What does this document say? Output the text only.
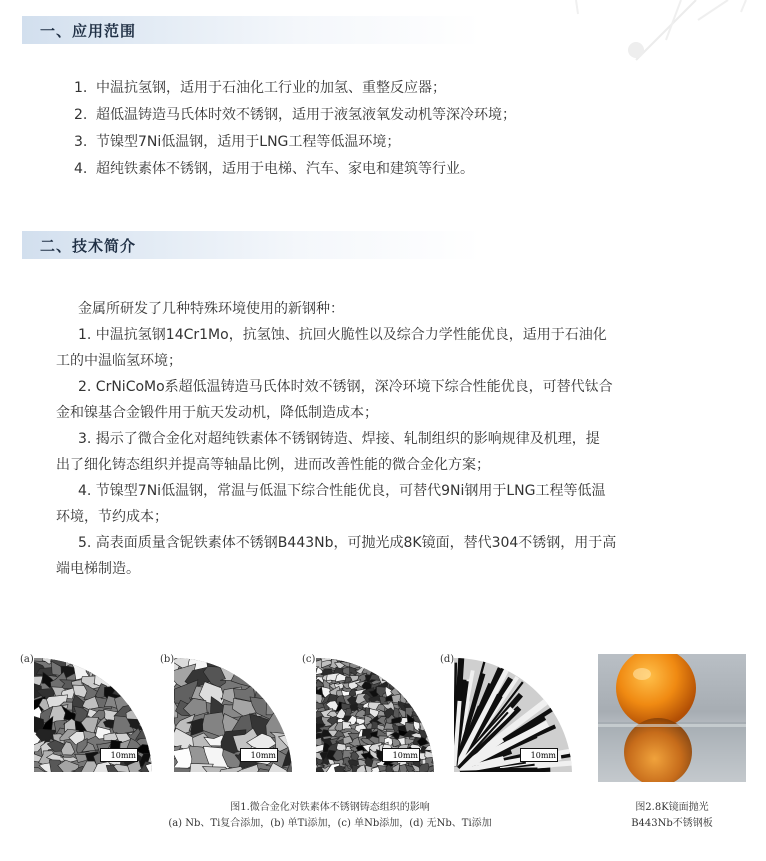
一、应用范围
1. 中温抗氢钢，适用于石油化工行业的加氢、重整反应器；
2. 超低温铸造马氏体时效不锈钢，适用于液氢液氧发动机等深冷环境；
3. 节镍型7Ni低温钢，适用于LNG工程等低温环境；
4. 超纯铁素体不锈钢，适用于电梯、汽车、家电和建筑等行业。
二、技术简介

金属所研发了几种特殊环境使用的新钢种：

1. 中温抗氢钢14Cr1Mo，抗氢蚀、抗回火脆性以及综合力学性能优良，适用于石油化

工的中温临氢环境；

2. CrNiCoMo系超低温铸造马氏体时效不锈钢，深冷环境下综合性能优良，可替代钛合

金和镍基合金锻件用于航天发动机，降低制造成本；

3. 揭示了微合金化对超纯铁素体不锈钢铸造、焊接、轧制组织的影响规律及机理，提

出了细化铸态组织并提高等轴晶比例，进而改善性能的微合金化方案；

4. 节镍型7Ni低温钢，常温与低温下综合性能优良，可替代9Ni钢用于LNG工程等低温

环境，节约成本；

5. 高表面质量含铌铁素体不锈钢B443Nb，可抛光成8K镜面，替代304不锈钢，用于高

端电梯制造。

(a)
10mm
(b)
10mm
(c)
10mm
(d)
10mm
图1.微合金化对铁素体不锈钢铸态组织的影响
(a) Nb、Ti复合添加，(b) 单Ti添加，(c) 单Nb添加，(d) 无Nb、Ti添加
图2.8K镜面抛光
B443Nb不锈钢板
